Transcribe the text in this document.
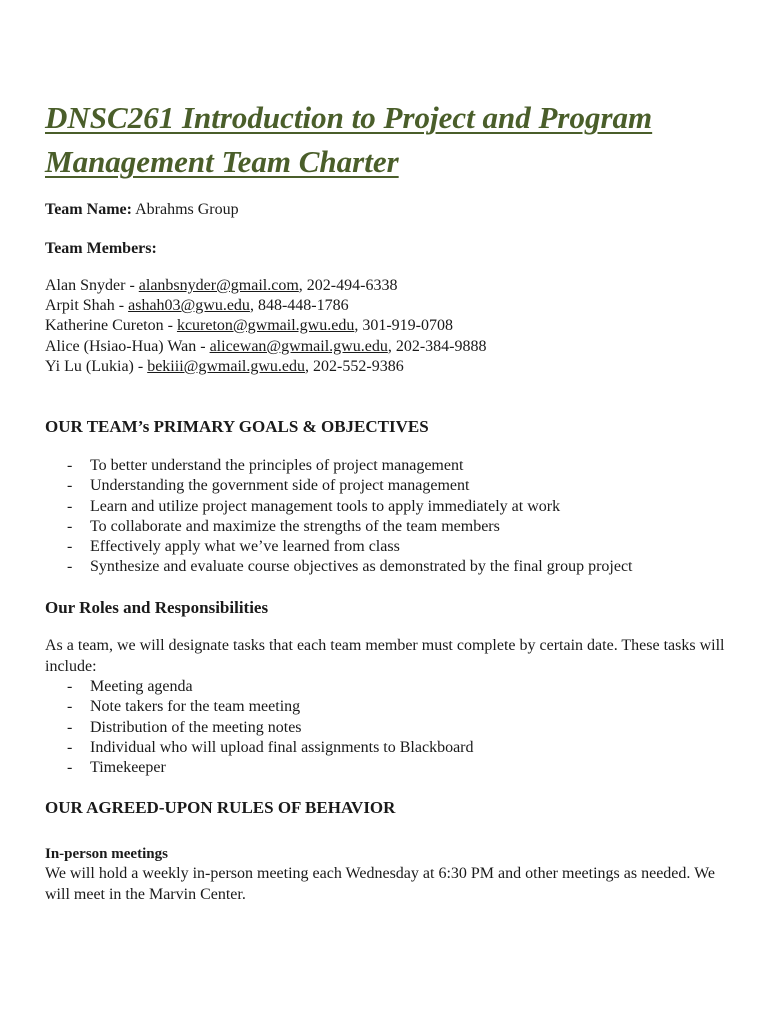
DNSC261 Introduction to Project and Program Management Team Charter
Team Name: Abrahms Group
Team Members:
Alan Snyder - alanbsnyder@gmail.com, 202-494-6338
Arpit Shah - ashah03@gwu.edu, 848-448-1786
Katherine Cureton - kcureton@gwmail.gwu.edu, 301-919-0708
Alice (Hsiao-Hua) Wan - alicewan@gwmail.gwu.edu, 202-384-9888
Yi Lu (Lukia) - bekiii@gwmail.gwu.edu, 202-552-9386
OUR TEAM’s PRIMARY GOALS & OBJECTIVES
- To better understand the principles of project management
- Understanding the government side of project management
- Learn and utilize project management tools to apply immediately at work
- To collaborate and maximize the strengths of the team members
- Effectively apply what we’ve learned from class
- Synthesize and evaluate course objectives as demonstrated by the final group project
Our Roles and Responsibilities
As a team, we will designate tasks that each team member must complete by certain date. These tasks will include:
- Meeting agenda
- Note takers for the team meeting
- Distribution of the meeting notes
- Individual who will upload final assignments to Blackboard
- Timekeeper
OUR AGREED-UPON RULES OF BEHAVIOR
In-person meetings
We will hold a weekly in-person meeting each Wednesday at 6:30 PM and other meetings as needed. We will meet in the Marvin Center.
